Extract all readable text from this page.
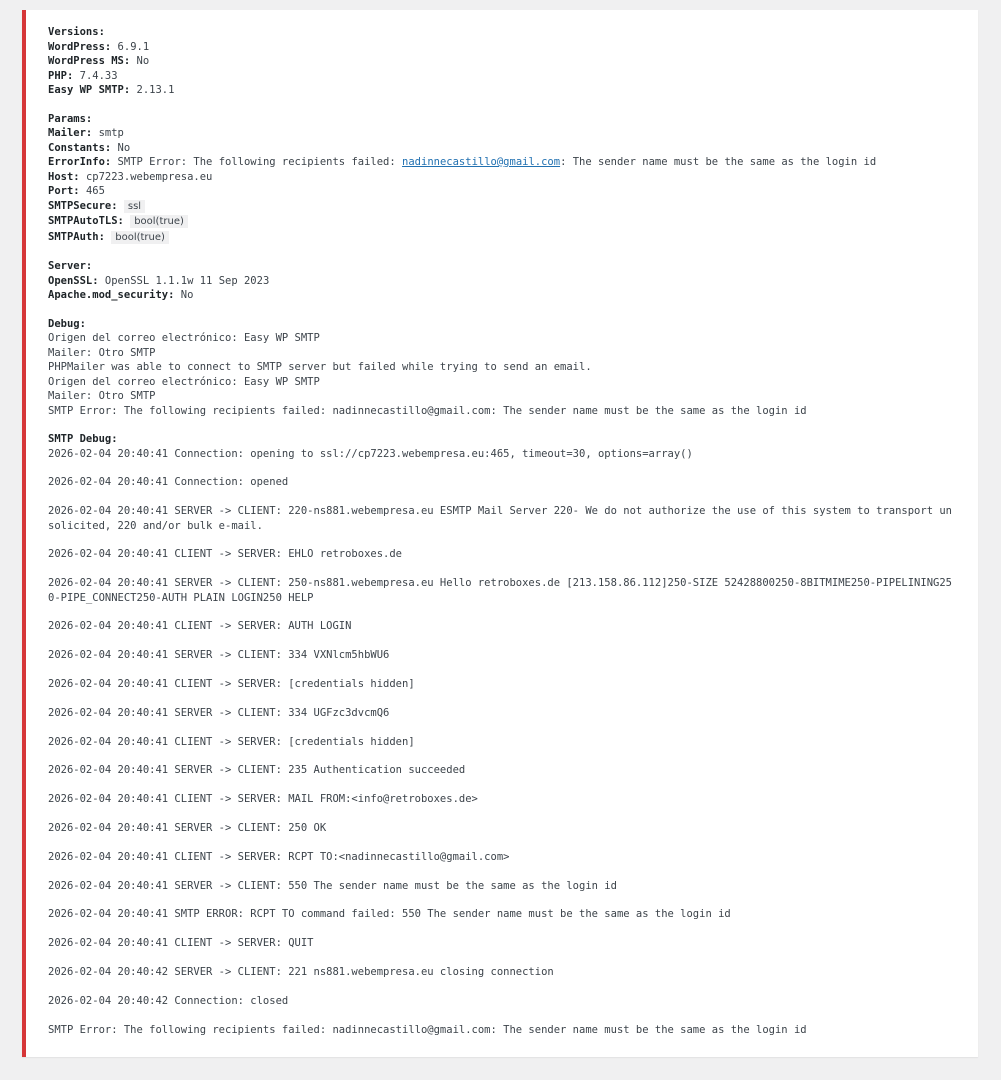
Versions:
WordPress: 6.9.1
WordPress MS: No
PHP: 7.4.33
Easy WP SMTP: 2.13.1
Params:
Mailer: smtp
Constants: No
ErrorInfo: SMTP Error: The following recipients failed: nadinnecastillo@gmail.com: The sender name must be the same as the login id
Host: cp7223.webempresa.eu
Port: 465
SMTPSecure: ssl
SMTPAutoTLS: bool(true)
SMTPAuth: bool(true)
Server:
OpenSSL: OpenSSL 1.1.1w 11 Sep 2023
Apache.mod_security: No
Debug:
Origen del correo electrónico: Easy WP SMTP
Mailer: Otro SMTP
PHPMailer was able to connect to SMTP server but failed while trying to send an email.
Origen del correo electrónico: Easy WP SMTP
Mailer: Otro SMTP
SMTP Error: The following recipients failed: nadinnecastillo@gmail.com: The sender name must be the same as the login id
SMTP Debug:
2026-02-04 20:40:41 Connection: opening to ssl://cp7223.webempresa.eu:465, timeout=30, options=array()
2026-02-04 20:40:41 Connection: opened
2026-02-04 20:40:41 SERVER -> CLIENT: 220-ns881.webempresa.eu ESMTP Mail Server 220- We do not authorize the use of this system to transport unsolicited, 220 and/or bulk e-mail.
2026-02-04 20:40:41 CLIENT -> SERVER: EHLO retroboxes.de
2026-02-04 20:40:41 SERVER -> CLIENT: 250-ns881.webempresa.eu Hello retroboxes.de [213.158.86.112]250-SIZE 52428800250-8BITMIME250-PIPELINING250-PIPE_CONNECT250-AUTH PLAIN LOGIN250 HELP
2026-02-04 20:40:41 CLIENT -> SERVER: AUTH LOGIN
2026-02-04 20:40:41 SERVER -> CLIENT: 334 VXNlcm5hbWU6
2026-02-04 20:40:41 CLIENT -> SERVER: [credentials hidden]
2026-02-04 20:40:41 SERVER -> CLIENT: 334 UGFzc3dvcmQ6
2026-02-04 20:40:41 CLIENT -> SERVER: [credentials hidden]
2026-02-04 20:40:41 SERVER -> CLIENT: 235 Authentication succeeded
2026-02-04 20:40:41 CLIENT -> SERVER: MAIL FROM:<info@retroboxes.de>
2026-02-04 20:40:41 SERVER -> CLIENT: 250 OK
2026-02-04 20:40:41 CLIENT -> SERVER: RCPT TO:<nadinnecastillo@gmail.com>
2026-02-04 20:40:41 SERVER -> CLIENT: 550 The sender name must be the same as the login id
2026-02-04 20:40:41 SMTP ERROR: RCPT TO command failed: 550 The sender name must be the same as the login id
2026-02-04 20:40:41 CLIENT -> SERVER: QUIT
2026-02-04 20:40:42 SERVER -> CLIENT: 221 ns881.webempresa.eu closing connection
2026-02-04 20:40:42 Connection: closed
SMTP Error: The following recipients failed: nadinnecastillo@gmail.com: The sender name must be the same as the login id
